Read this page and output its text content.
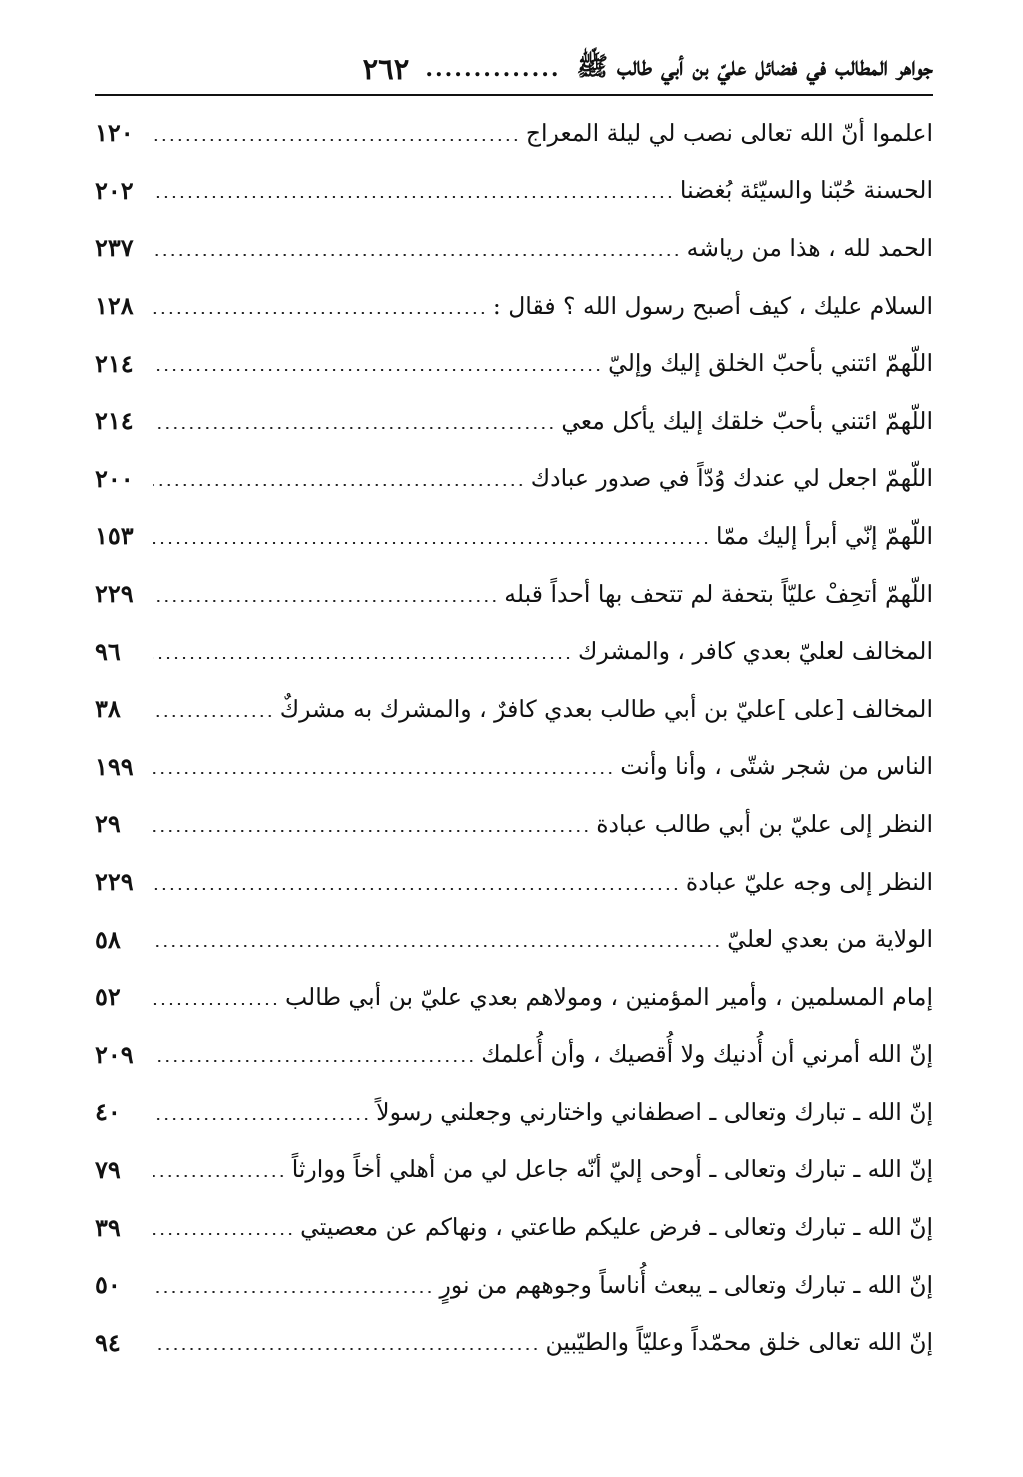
جواهر المطالب في فضائل عليّ بن أبي طالب ﷺ
..............
٢٦٢
اعلموا أنّ الله تعالى نصب لي ليلة المعراج
١٢٠
الحسنة حُبّنا والسيّئة بُغضنا
٢٠٢
الحمد لله ، هذا من رياشه
٢٣٧
السلام عليك ، كيف أصبح رسول الله ؟ فقال :
١٢٨
اللّهمّ ائتني بأحبّ الخلق إليك وإليّ
٢١٤
اللّهمّ ائتني بأحبّ خلقك إليك يأكل معي
٢١٤
اللّهمّ اجعل لي عندك وُدّاً في صدور عبادك
٢٠٠
اللّهمّ إنّي أبرأ إليك ممّا
١٥٣
اللّهمّ أتحِفْ عليّاً بتحفة لم تتحف بها أحداً قبله
٢٢٩
المخالف لعليّ بعدي كافر ، والمشرك
٩٦
المخالف [على ]عليّ بن أبي طالب بعدي كافرٌ ، والمشرك به مشركٌ
٣٨
الناس من شجر شتّى ، وأنا وأنت
١٩٩
النظر إلى عليّ بن أبي طالب عبادة
٢٩
النظر إلى وجه عليّ عبادة
٢٢٩
الولاية من بعدي لعليّ
٥٨
إمام المسلمين ، وأمير المؤمنين ، ومولاهم بعدي عليّ بن أبي طالب
٥٢
إنّ الله أمرني أن أُدنيك ولا أُقصيك ، وأن أُعلمك
٢٠٩
إنّ الله ـ تبارك وتعالى ـ اصطفاني واختارني وجعلني رسولاً
٤٠
إنّ الله ـ تبارك وتعالى ـ أوحى إليّ أنّه جاعل لي من أهلي أخاً ووارثاً
٧٩
إنّ الله ـ تبارك وتعالى ـ فرض عليكم طاعتي ، ونهاكم عن معصيتي
٣٩
إنّ الله ـ تبارك وتعالى ـ يبعث أُناساً وجوههم من نورٍ
٥٠
إنّ الله تعالى خلق محمّداً وعليّاً والطيّبين
٩٤
